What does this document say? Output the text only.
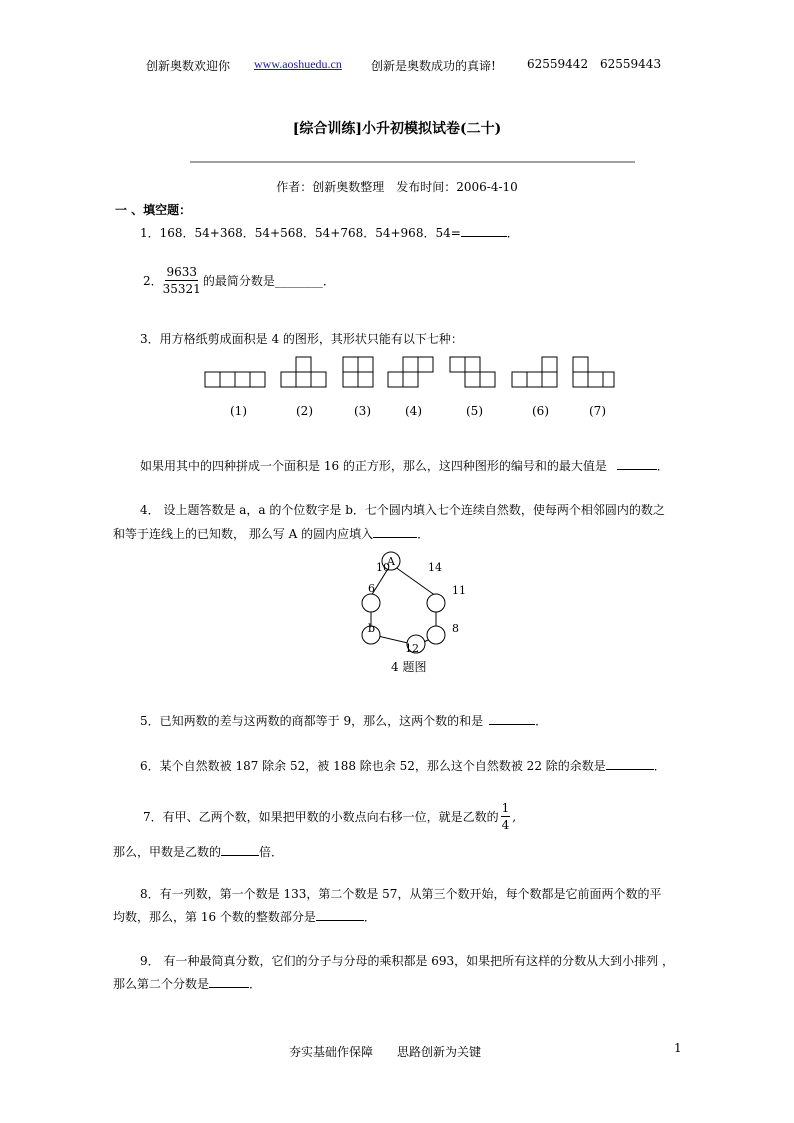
创新奥数欢迎你 www.aoshuedu.cn 创新是奥数成功的真谛!	62559442 62559443
[综合训练]小升初模拟试卷(二十)
作者：创新奥数整理　发布时间：2006-4-10
一 、填空题：
1．168．54+368．54+568．54+768．54+968．54=	．
2． $\frac{9633}{35321}$ 的最简分数是________．
3．用方格纸剪成面积是 4 的图形，其形状只能有以下七种：
(1)	(2)	(3)	(4)	(5)	(6)	(7)
如果用其中的四种拼成一个面积是 16 的正方形，那么，这四种图形的编号和的最大值是	．
4． 设上题答数是 a，a 的个位数字是 b．七个圆内填入七个连续自然数，使每两个相邻圆内的数之
和等于连线上的已知数， 那么写 A 的圆内应填入	．
A
10	14
6	11
b	8
12
4 题图
5．已知两数的差与这两数的商都等于 9，那么，这两个数的和是	．
6．某个自然数被 187 除余 52，被 188 除也余 52，那么这个自然数被 22 除的余数是	．
7．有甲、乙两个数，如果把甲数的小数点向右移一位，就是乙数的 $\frac{1}{4}$ ,
那么，甲数是乙数的	倍．
8．有一列数，第一个数是 133，第二个数是 57，从第三个数开始，每个数都是它前面两个数的平
均数，那么，第 16 个数的整数部分是	．
9． 有一种最简真分数，它们的分子与分母的乘积都是 693，如果把所有这样的分数从大到小排列 ，
那么第二个分数是	．
夯实基础作保障 思路创新为关键	1
